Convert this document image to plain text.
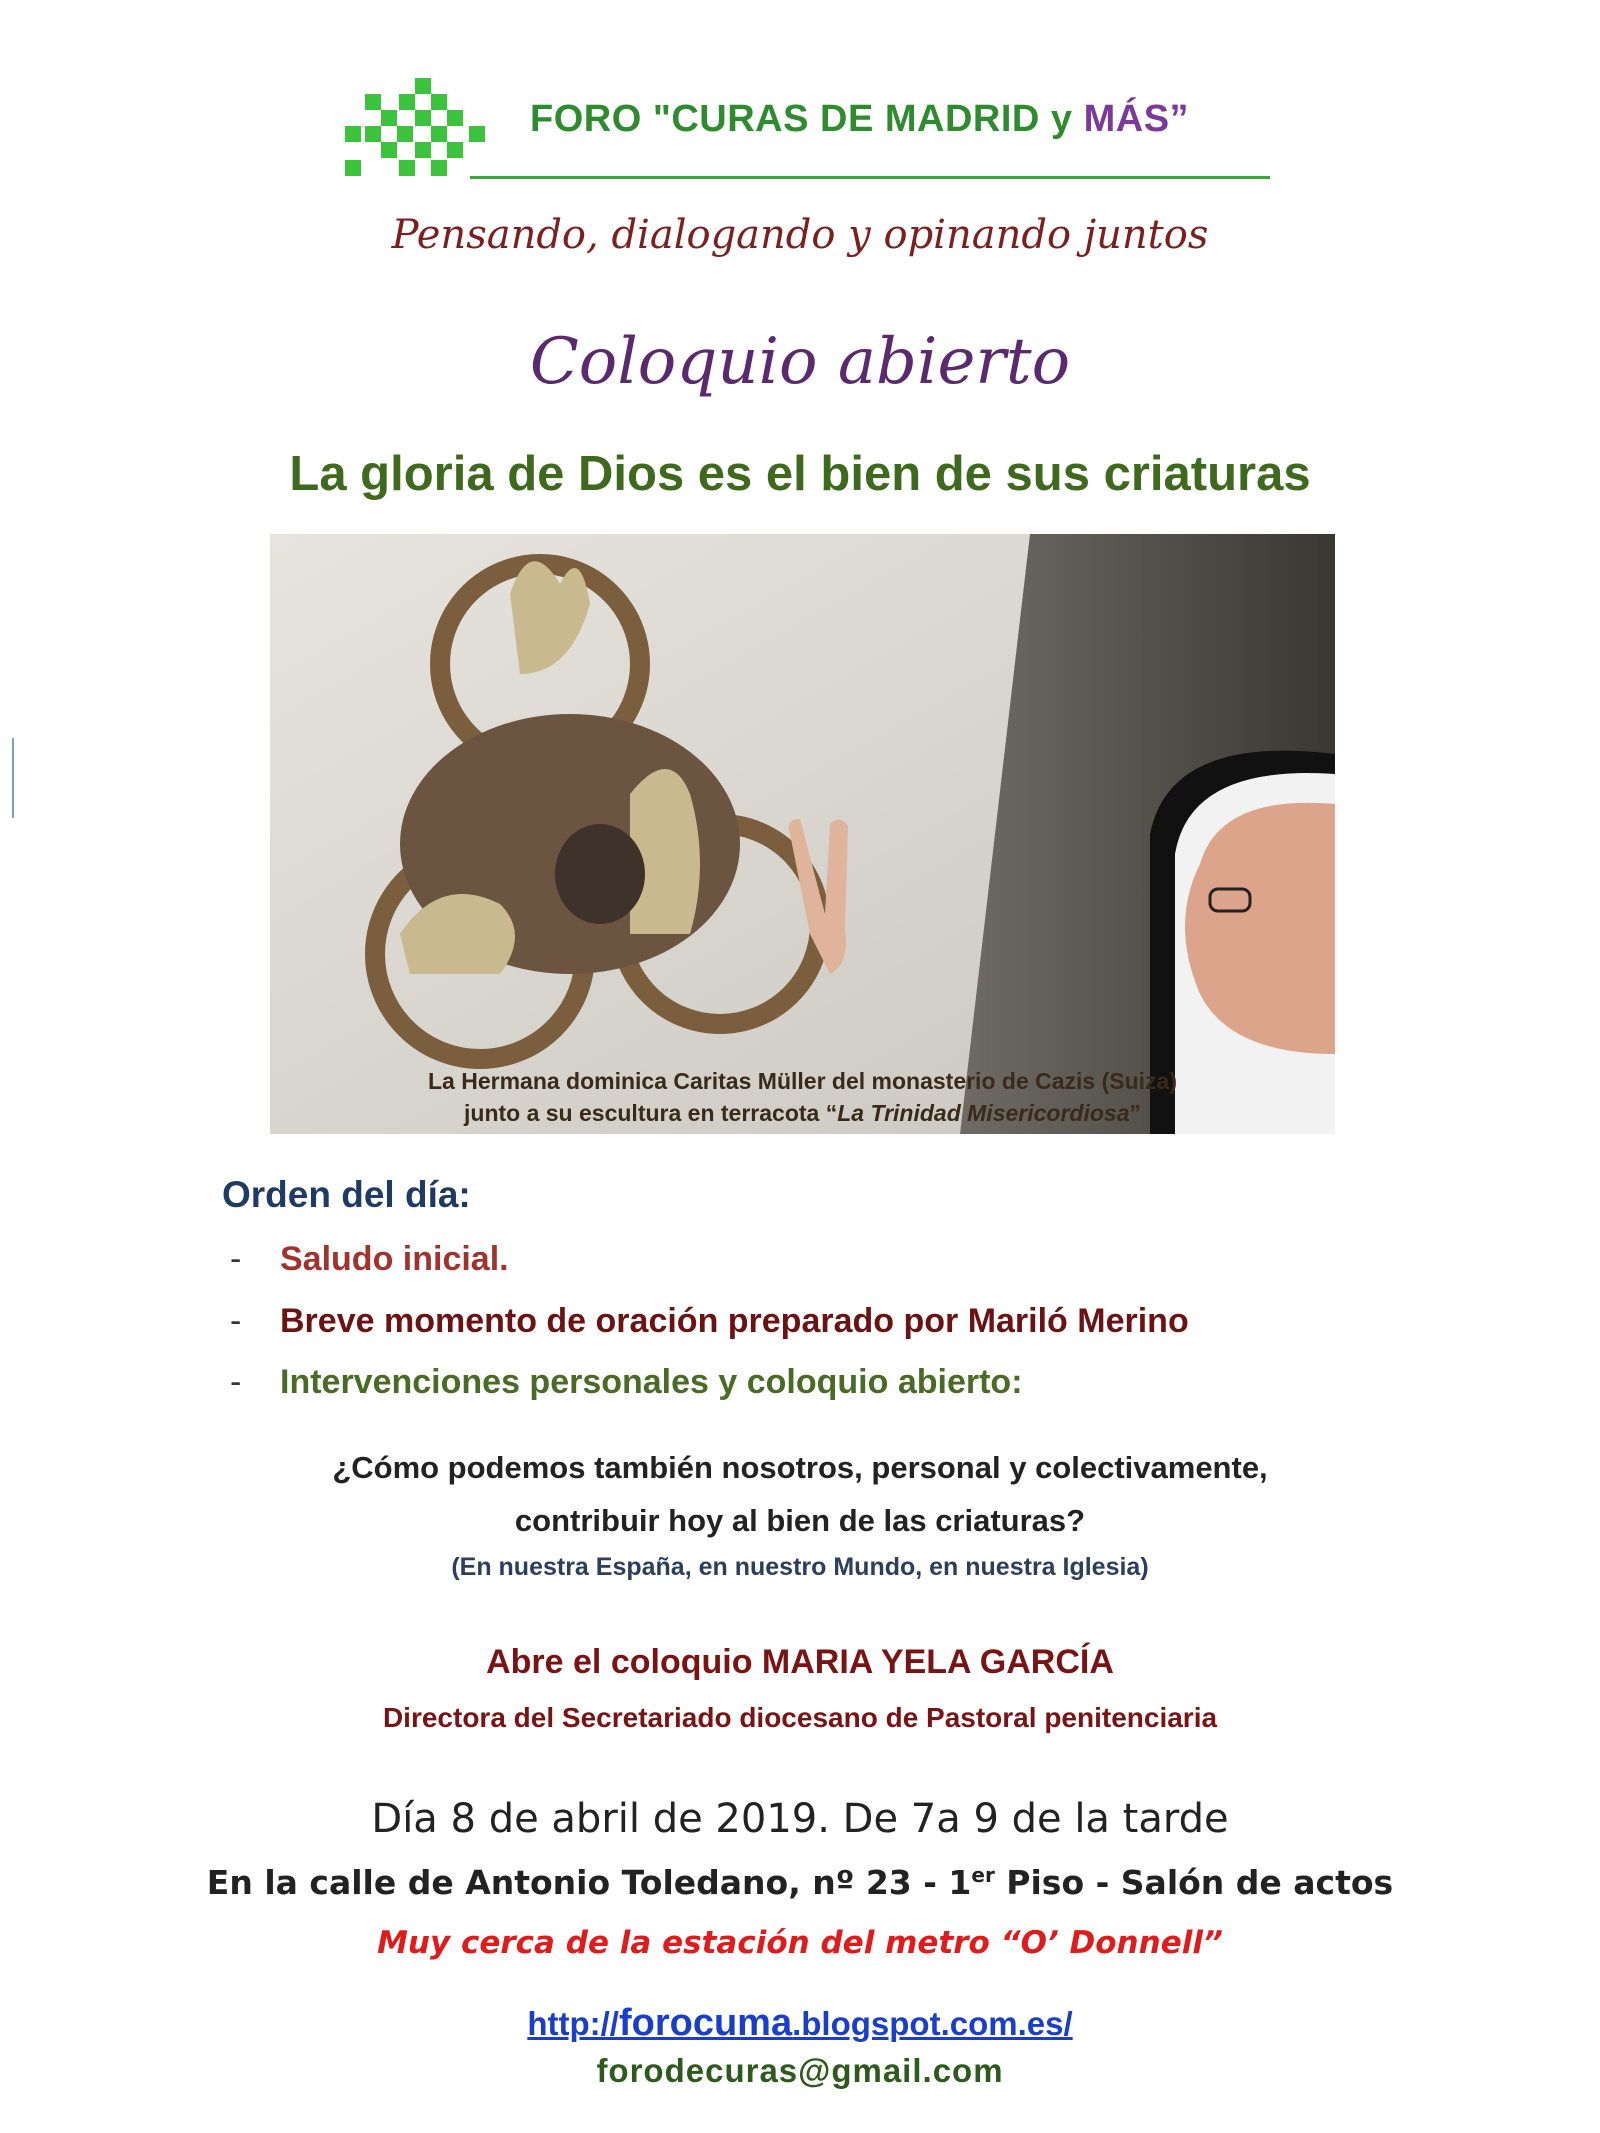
FORO "CURAS DE MADRID y MÁS”
Pensando, dialogando y opinando juntos
Coloquio abierto
La gloria de Dios es el bien de sus criaturas
La Hermana dominica Caritas Müller del monasterio de Cazis (Suiza)
junto a su escultura en terracota “La Trinidad Misericordiosa”
Orden del día:
- Saludo inicial.
- Breve momento de oración preparado por Mariló Merino
- Intervenciones personales y coloquio abierto:
¿Cómo podemos también nosotros, personal y colectivamente,
contribuir hoy al bien de las criaturas?
(En nuestra España, en nuestro Mundo, en nuestra Iglesia)
Abre el coloquio MARIA YELA GARCÍA
Directora del Secretariado diocesano de Pastoral penitenciaria
Día 8 de abril de 2019. De 7a 9 de la tarde
En la calle de Antonio Toledano, nº 23 - 1er Piso - Salón de actos
Muy cerca de la estación del metro “O’ Donnell”
http://forocuma.blogspot.com.es/
forodecuras@gmail.com
